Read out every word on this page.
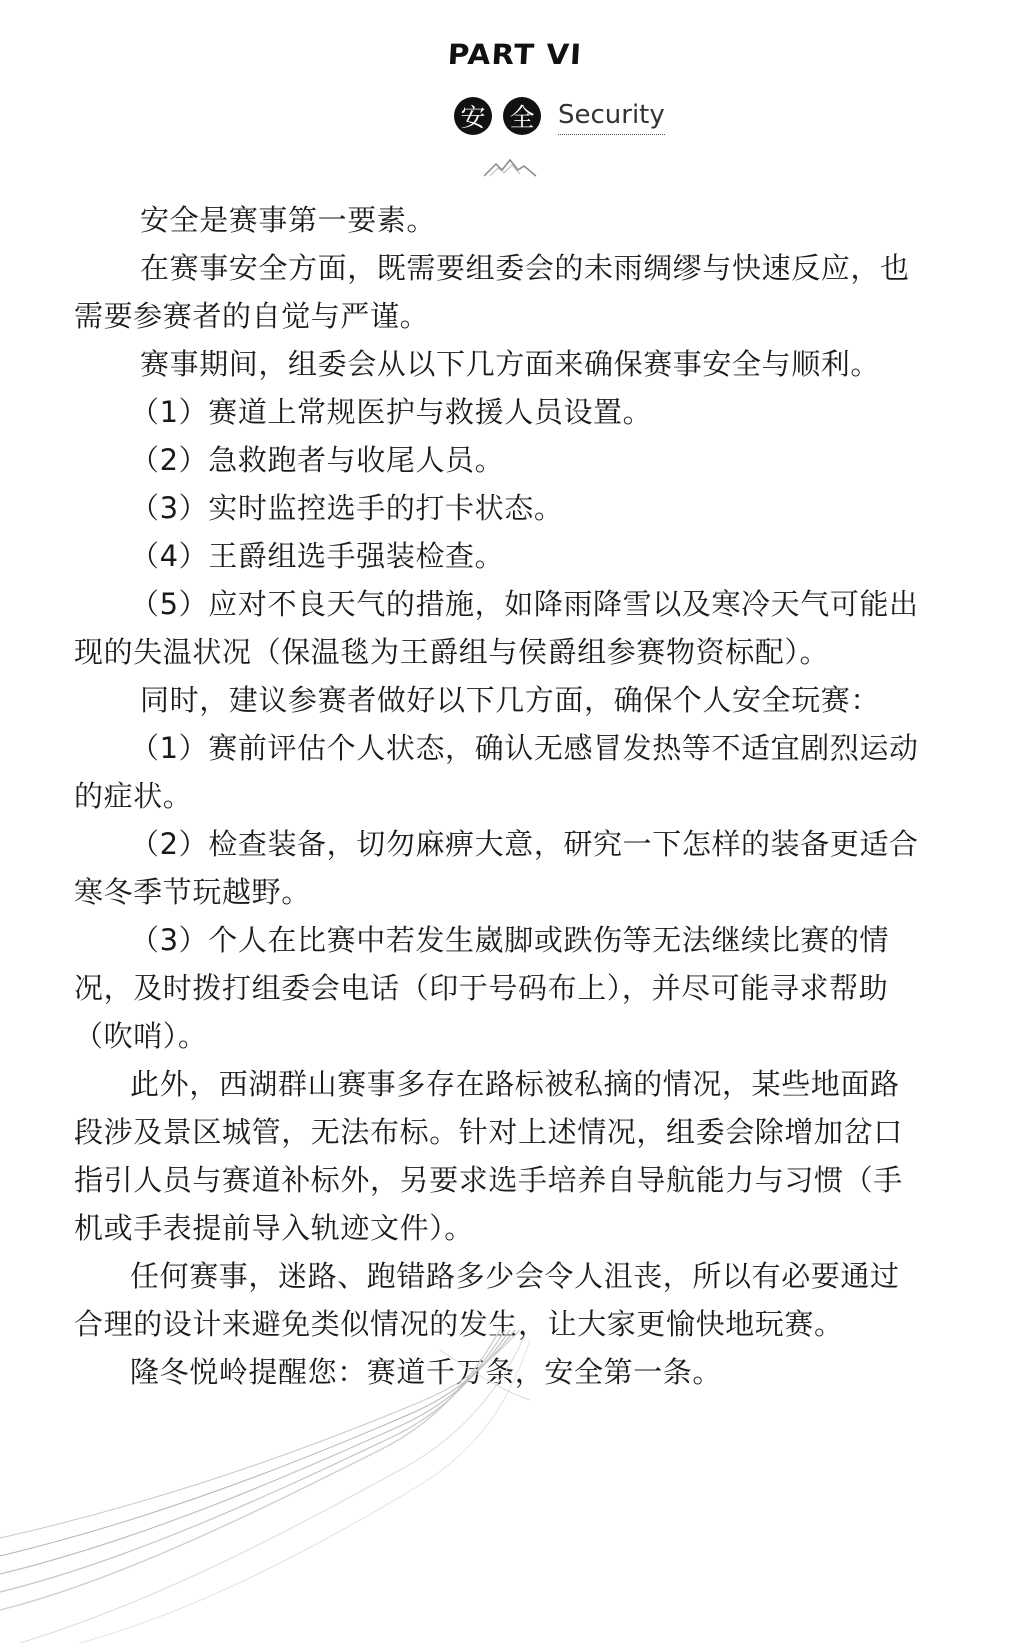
PART VI
安 全 Security

安全是赛事第一要素。

在赛事安全方面，既需要组委会的未雨绸缪与快速反应，也需要参赛者的自觉与严谨。

赛事期间，组委会从以下几方面来确保赛事安全与顺利。

（1）赛道上常规医护与救援人员设置。

（2）急救跑者与收尾人员。

（3）实时监控选手的打卡状态。

（4）王爵组选手强装检查。

（5）应对不良天气的措施，如降雨降雪以及寒冷天气可能出现的失温状况（保温毯为王爵组与侯爵组参赛物资标配）。

同时，建议参赛者做好以下几方面，确保个人安全玩赛：

（1）赛前评估个人状态，确认无感冒发热等不适宜剧烈运动的症状。

（2）检查装备，切勿麻痹大意，研究一下怎样的装备更适合寒冬季节玩越野。

（3）个人在比赛中若发生崴脚或跌伤等无法继续比赛的情况，及时拨打组委会电话（印于号码布上），并尽可能寻求帮助（吹哨）。

此外，西湖群山赛事多存在路标被私摘的情况，某些地面路段涉及景区城管，无法布标。针对上述情况，组委会除增加岔口指引人员与赛道补标外，另要求选手培养自导航能力与习惯（手机或手表提前导入轨迹文件）。

任何赛事，迷路、跑错路多少会令人沮丧，所以有必要通过合理的设计来避免类似情况的发生，让大家更愉快地玩赛。

隆冬悦岭提醒您：赛道千万条，安全第一条。
